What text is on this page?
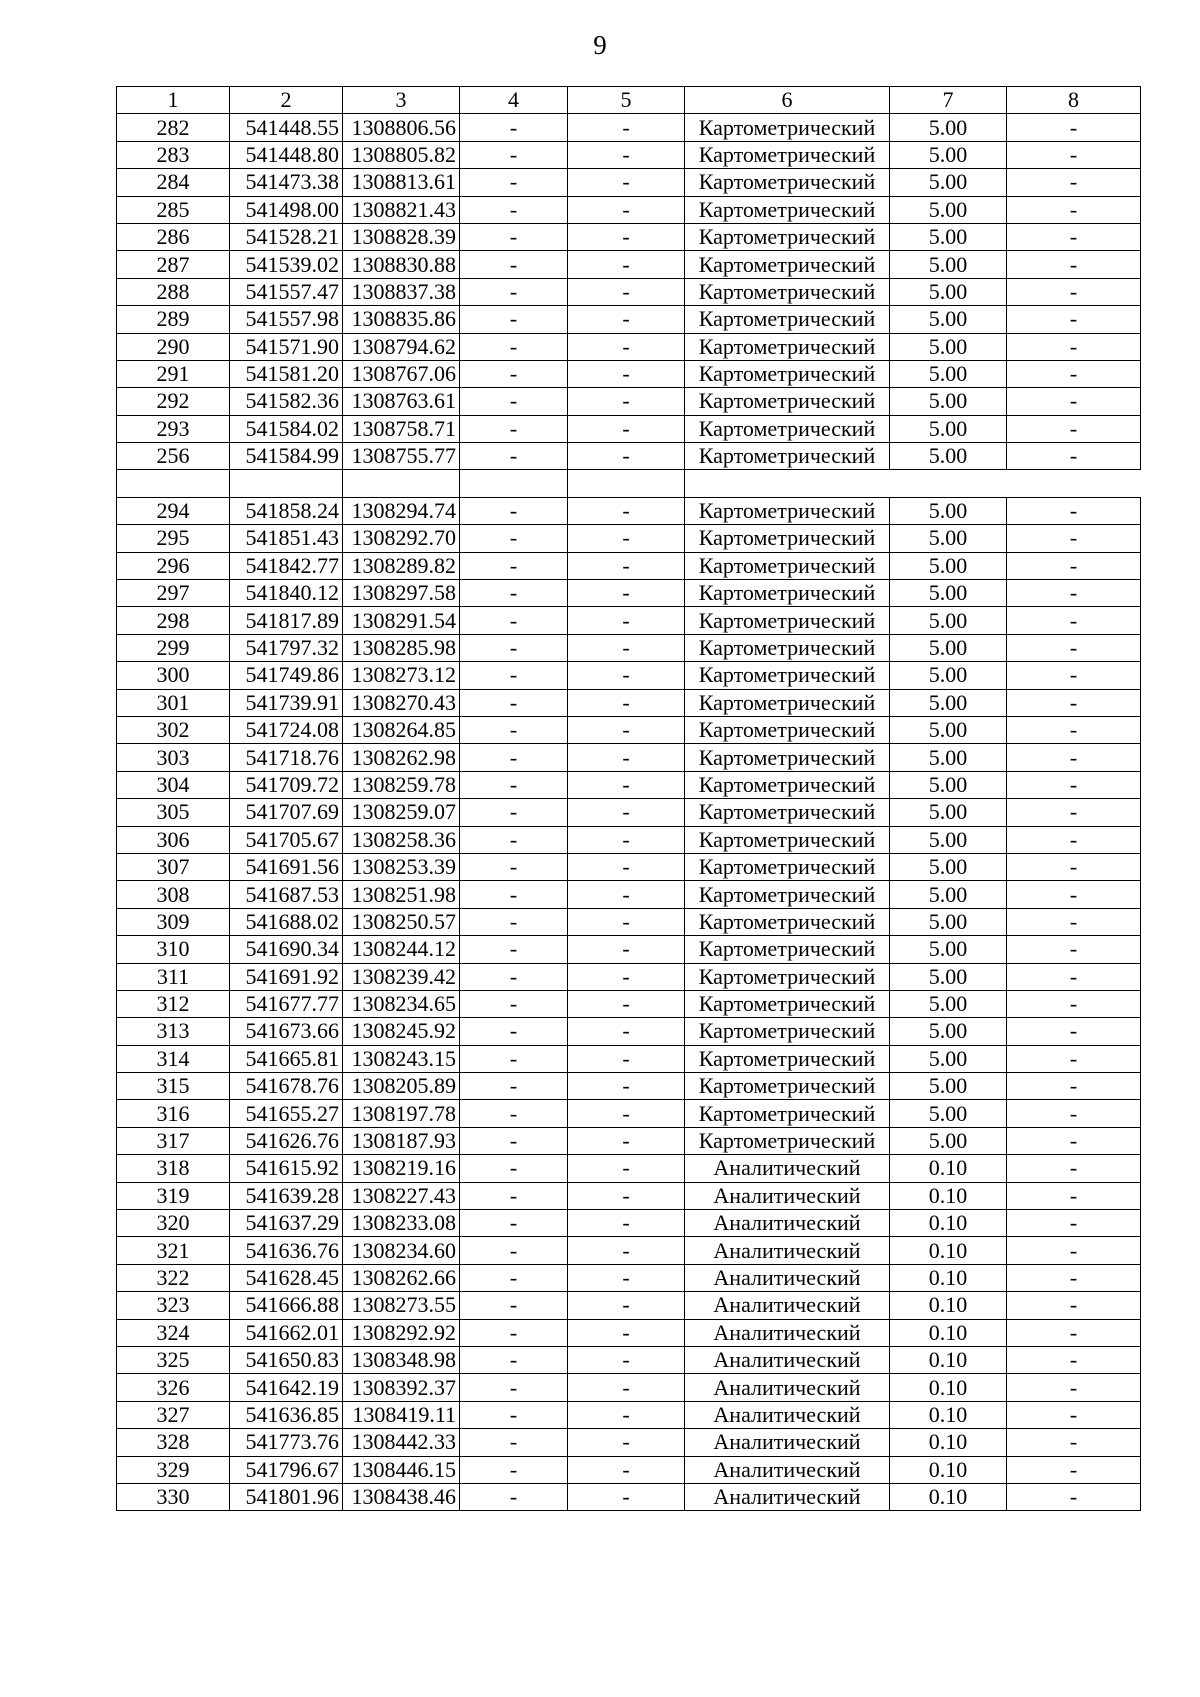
9
1	2	3	4	5	6	7	8
282	541448.55	1308806.56	-	-	Картометрический	5.00	-
283	541448.80	1308805.82	-	-	Картометрический	5.00	-
284	541473.38	1308813.61	-	-	Картометрический	5.00	-
285	541498.00	1308821.43	-	-	Картометрический	5.00	-
286	541528.21	1308828.39	-	-	Картометрический	5.00	-
287	541539.02	1308830.88	-	-	Картометрический	5.00	-
288	541557.47	1308837.38	-	-	Картометрический	5.00	-
289	541557.98	1308835.86	-	-	Картометрический	5.00	-
290	541571.90	1308794.62	-	-	Картометрический	5.00	-
291	541581.20	1308767.06	-	-	Картометрический	5.00	-
292	541582.36	1308763.61	-	-	Картометрический	5.00	-
293	541584.02	1308758.71	-	-	Картометрический	5.00	-
256	541584.99	1308755.77	-	-	Картометрический	5.00	-

294	541858.24	1308294.74	-	-	Картометрический	5.00	-
295	541851.43	1308292.70	-	-	Картометрический	5.00	-
296	541842.77	1308289.82	-	-	Картометрический	5.00	-
297	541840.12	1308297.58	-	-	Картометрический	5.00	-
298	541817.89	1308291.54	-	-	Картометрический	5.00	-
299	541797.32	1308285.98	-	-	Картометрический	5.00	-
300	541749.86	1308273.12	-	-	Картометрический	5.00	-
301	541739.91	1308270.43	-	-	Картометрический	5.00	-
302	541724.08	1308264.85	-	-	Картометрический	5.00	-
303	541718.76	1308262.98	-	-	Картометрический	5.00	-
304	541709.72	1308259.78	-	-	Картометрический	5.00	-
305	541707.69	1308259.07	-	-	Картометрический	5.00	-
306	541705.67	1308258.36	-	-	Картометрический	5.00	-
307	541691.56	1308253.39	-	-	Картометрический	5.00	-
308	541687.53	1308251.98	-	-	Картометрический	5.00	-
309	541688.02	1308250.57	-	-	Картометрический	5.00	-
310	541690.34	1308244.12	-	-	Картометрический	5.00	-
311	541691.92	1308239.42	-	-	Картометрический	5.00	-
312	541677.77	1308234.65	-	-	Картометрический	5.00	-
313	541673.66	1308245.92	-	-	Картометрический	5.00	-
314	541665.81	1308243.15	-	-	Картометрический	5.00	-
315	541678.76	1308205.89	-	-	Картометрический	5.00	-
316	541655.27	1308197.78	-	-	Картометрический	5.00	-
317	541626.76	1308187.93	-	-	Картометрический	5.00	-
318	541615.92	1308219.16	-	-	Аналитический	0.10	-
319	541639.28	1308227.43	-	-	Аналитический	0.10	-
320	541637.29	1308233.08	-	-	Аналитический	0.10	-
321	541636.76	1308234.60	-	-	Аналитический	0.10	-
322	541628.45	1308262.66	-	-	Аналитический	0.10	-
323	541666.88	1308273.55	-	-	Аналитический	0.10	-
324	541662.01	1308292.92	-	-	Аналитический	0.10	-
325	541650.83	1308348.98	-	-	Аналитический	0.10	-
326	541642.19	1308392.37	-	-	Аналитический	0.10	-
327	541636.85	1308419.11	-	-	Аналитический	0.10	-
328	541773.76	1308442.33	-	-	Аналитический	0.10	-
329	541796.67	1308446.15	-	-	Аналитический	0.10	-
330	541801.96	1308438.46	-	-	Аналитический	0.10	-
